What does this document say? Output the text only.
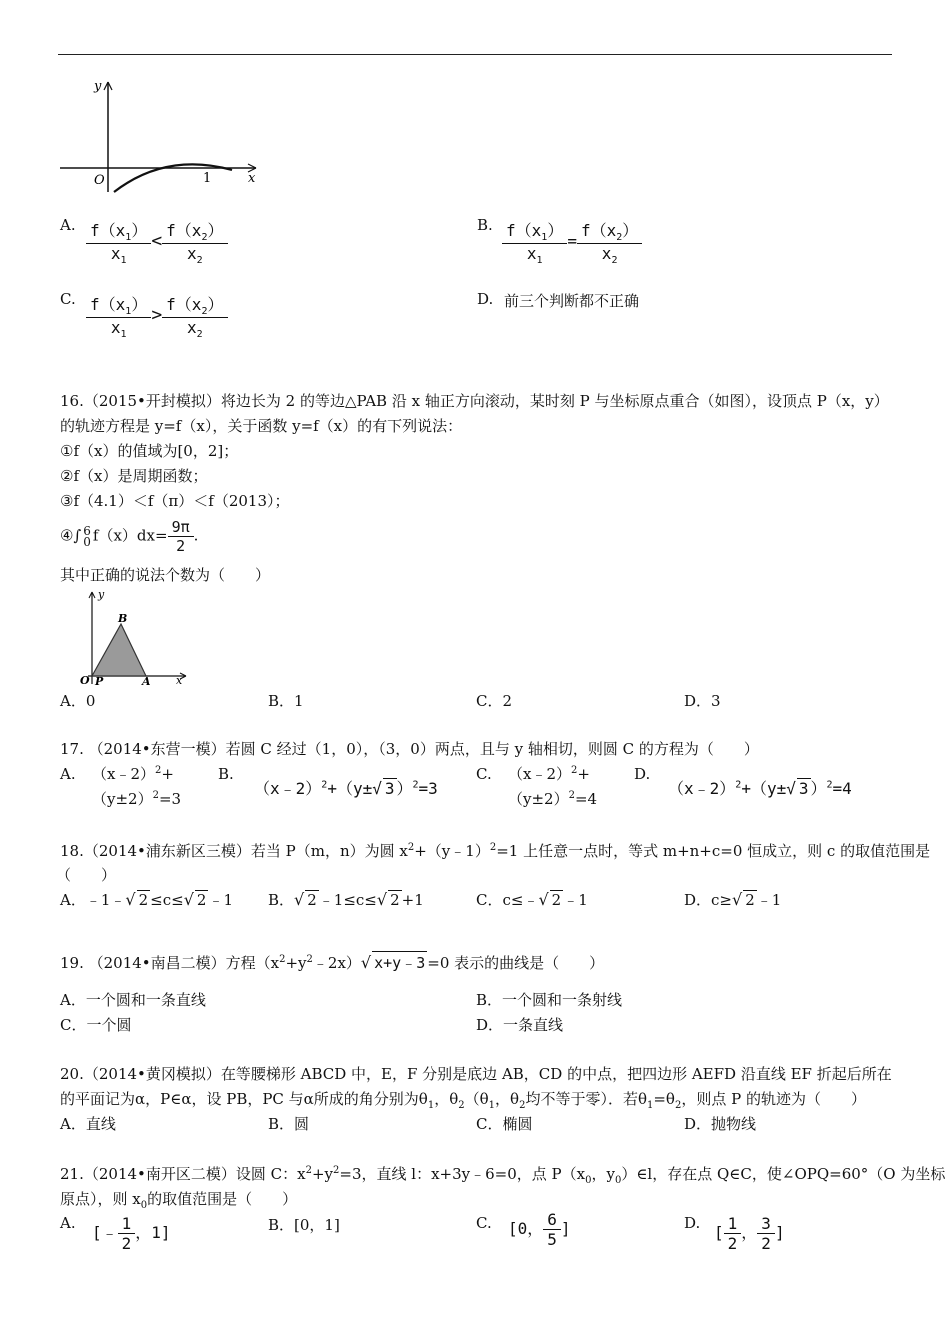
y
O	1	x
A. $\frac{f(x_1)}{x_1} < \frac{f(x_2)}{x_2}$	B. $\frac{f(x_1)}{x_1} = \frac{f(x_2)}{x_2}$
C. $\frac{f(x_1)}{x_1} > \frac{f(x_2)}{x_2}$	D. 前三个判断都不正确
16.（2015•开封模拟）将边长为 2 的等边△PAB 沿 x 轴正方向滚动，某时刻 P 与坐标原点重合（如图），设顶点 P（x，y）
的轨迹方程是 y=f（x），关于函数 y=f（x）的有下列说法：
①f（x）的值域为[0，2]；
②f（x）是周期函数；
③f（4.1）＜f（π）＜f（2013）；
④∫ 6
0 $f(x)dx= \frac{9\pi}{2}$ .
其中正确的说法个数为（　　）
y
B
O P	A x
A．0	B．1	C．2	D．3
17. （2014•东营一模）若圆 C 经过（1，0），（3，0）两点，且与 y 轴相切，则圆 C 的方程为（　　）
A. （x﹣2）$^2$+
$(y\pm 2)^2=3$
B.
（x﹣2）$^2$+（y±√ 3 ）$^2$=3
C. （x﹣2）$^2$+
$(y\pm 2)^2=4$
D.
（x﹣2）$^2$+（y±√ 3 ）$^2$=4
18.（2014•浦东新区三模）若当 P（m，n）为圆 $x^2+(y﹣1)^2=1$ 上任意一点时，等式 m+n+c=0 恒成立，则 c 的取值范围是
（　　）
A．﹣1﹣√ 2 ≤c≤√ 2 ﹣1 B．√ 2 ﹣1≤c≤√ 2 +1	C．c≤﹣√ 2 ﹣1	D．c≥√ 2 ﹣1
19. （2014•南昌二模）方程$(x^2+y^2﹣2x)√$ x+y﹣3 =0 表示的曲线是（　　）
A．一个圆和一条直线	B．一个圆和一条射线
C．一个圆	D．一条直线
20.（2014•黄冈模拟）在等腰梯形 ABCD 中，E，F 分别是底边 AB，CD 的中点，把四边形 AEFD 沿直线 EF 折起后所在
的平面记为α，P∈α，设 PB，PC 与α所成的角分别为$\theta_1$，$\theta_2(\theta_1$，$\theta_2$均不等于零）．若$\theta_1=\theta_2$，则点 P 的轨迹为（　　）
A．直线	B．圆	C．椭圆	D．抛物线
21.（2014•南开区二模）设圆 C：$x^2+y^2=3$，直线 l：x+3y﹣6=0，点 $P(x_0$，$y_0)\in l$，存在点 Q∈C，使∠OPQ=60°（O 为坐标
原点），则 $x_0$的取值范围是（　　）
A. [﹣ $\frac{1}{2}$ ，1]	B．[0，1]	C. [0， $\frac{6}{5}$ ]	D. [ $\frac{1}{2}$ ， $\frac{3}{2}$ ]
